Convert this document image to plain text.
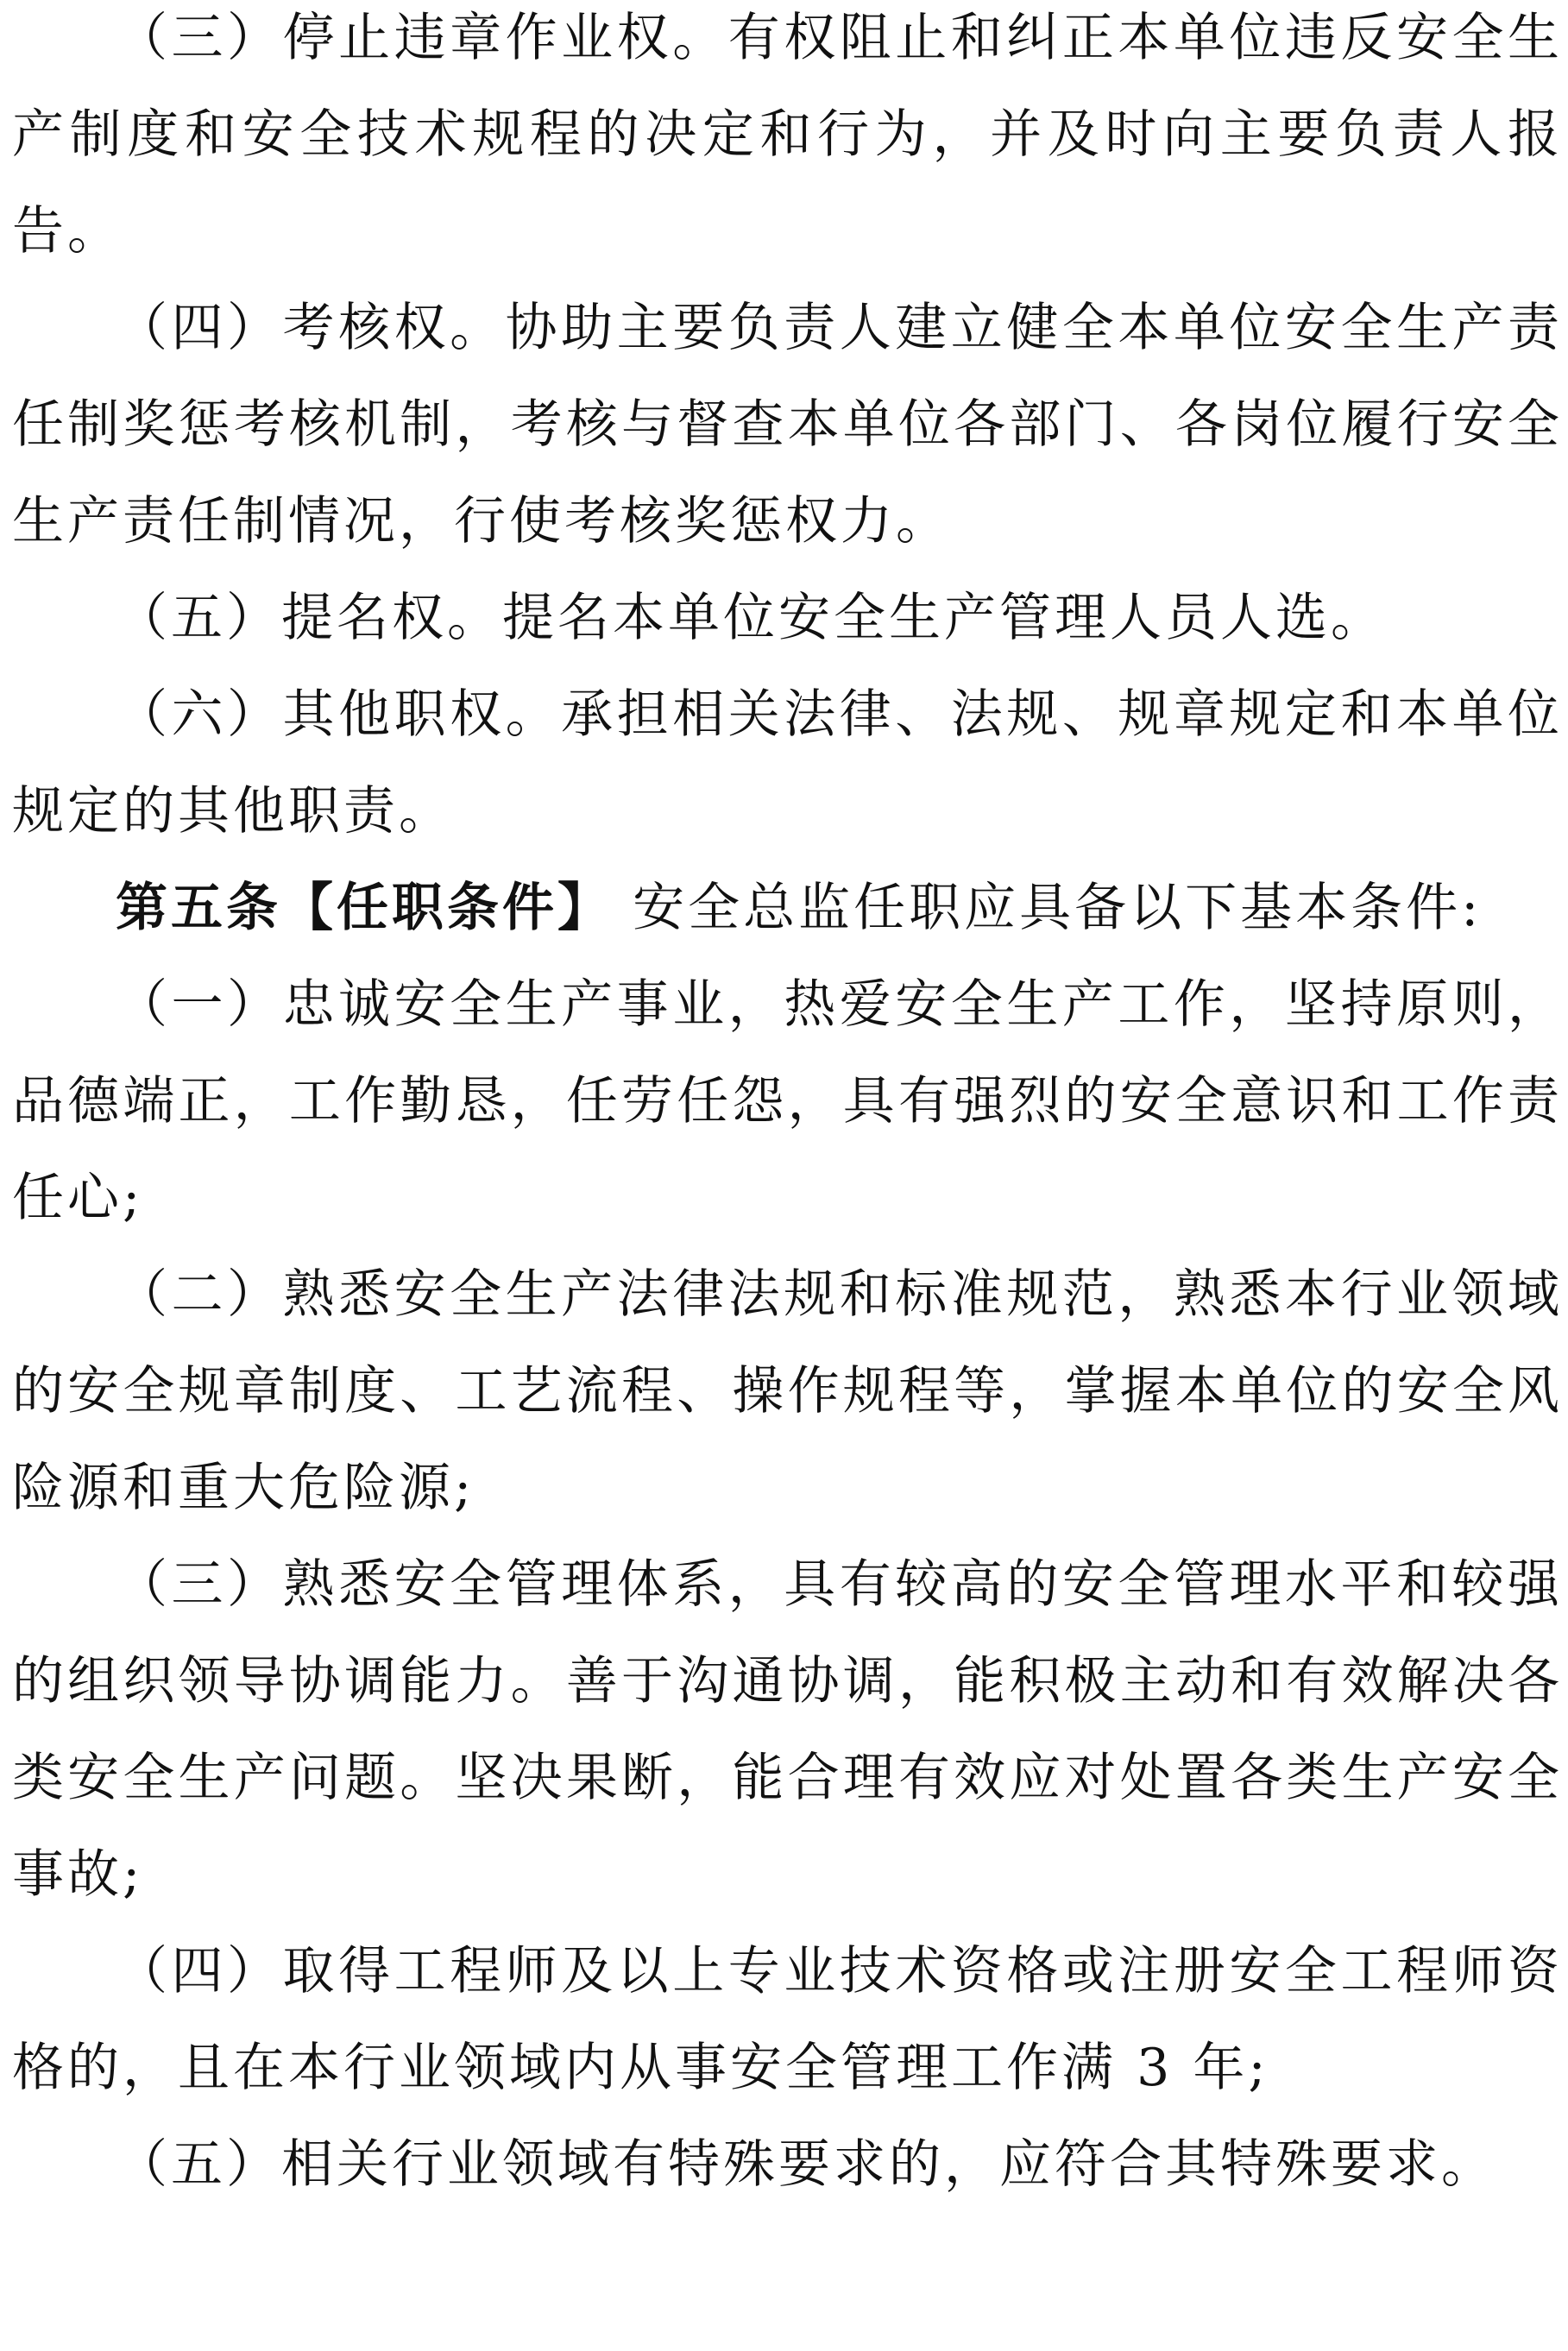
（三）停止违章作业权。有权阻止和纠正本单位违反安全生产制度和安全技术规程的决定和行为，并及时向主要负责人报告。

（四）考核权。协助主要负责人建立健全本单位安全生产责任制奖惩考核机制，考核与督查本单位各部门、各岗位履行安全生产责任制情况，行使考核奖惩权力。

（五）提名权。提名本单位安全生产管理人员人选。

（六）其他职权。承担相关法律、法规、规章规定和本单位规定的其他职责。

第五条【任职条件】 安全总监任职应具备以下基本条件:

（一）忠诚安全生产事业，热爱安全生产工作，坚持原则，品德端正，工作勤恳，任劳任怨，具有强烈的安全意识和工作责任心;

（二）熟悉安全生产法律法规和标准规范，熟悉本行业领域的安全规章制度、工艺流程、操作规程等，掌握本单位的安全风险源和重大危险源;

（三）熟悉安全管理体系，具有较高的安全管理水平和较强的组织领导协调能力。善于沟通协调，能积极主动和有效解决各类安全生产问题。坚决果断，能合理有效应对处置各类生产安全事故;

（四）取得工程师及以上专业技术资格或注册安全工程师资格的，且在本行业领域内从事安全管理工作满 3 年;

（五）相关行业领域有特殊要求的，应符合其特殊要求。
